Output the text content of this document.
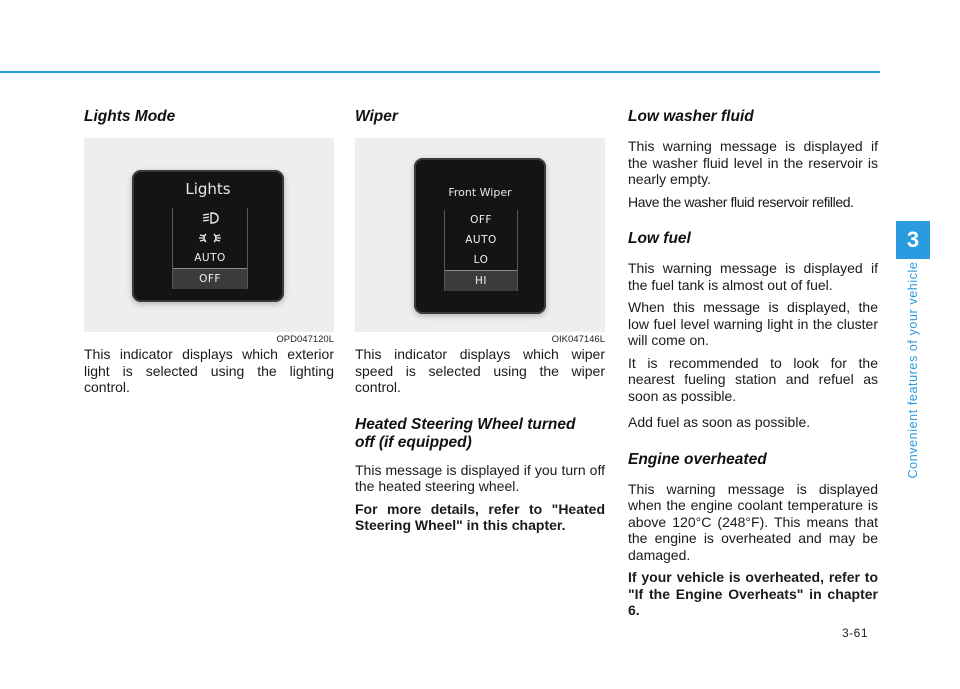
Lights Mode
Lights
AUTO
OFF
OPD047120L

This indicator displays which exterior light is selected using the lighting control.

Wiper
Front Wiper
OFF
AUTO
LO
HI
OIK047146L

This indicator displays which wiper speed is selected using the wiper control.

Heated Steering Wheel turned
off (if equipped)

This message is displayed if you turn off the heated steering wheel.

For more details, refer to "Heated Steering Wheel" in this chapter.

Low washer fluid

This warning message is displayed if the washer fluid level in the reservoir is nearly empty.

Have the washer fluid reservoir refilled.

Low fuel

This warning message is displayed if the fuel tank is almost out of fuel.

When this message is displayed, the low fuel level warning light in the cluster will come on.

It is recommended to look for the nearest fueling station and refuel as soon as possible.

Add fuel as soon as possible.

Engine overheated

This warning message is displayed when the engine coolant temperature is above 120°C (248°F). This means that the engine is overheated and may be damaged.

If your vehicle is overheated, refer to "If the Engine Overheats" in chapter 6.

3
Convenient features of your vehicle
3-61
